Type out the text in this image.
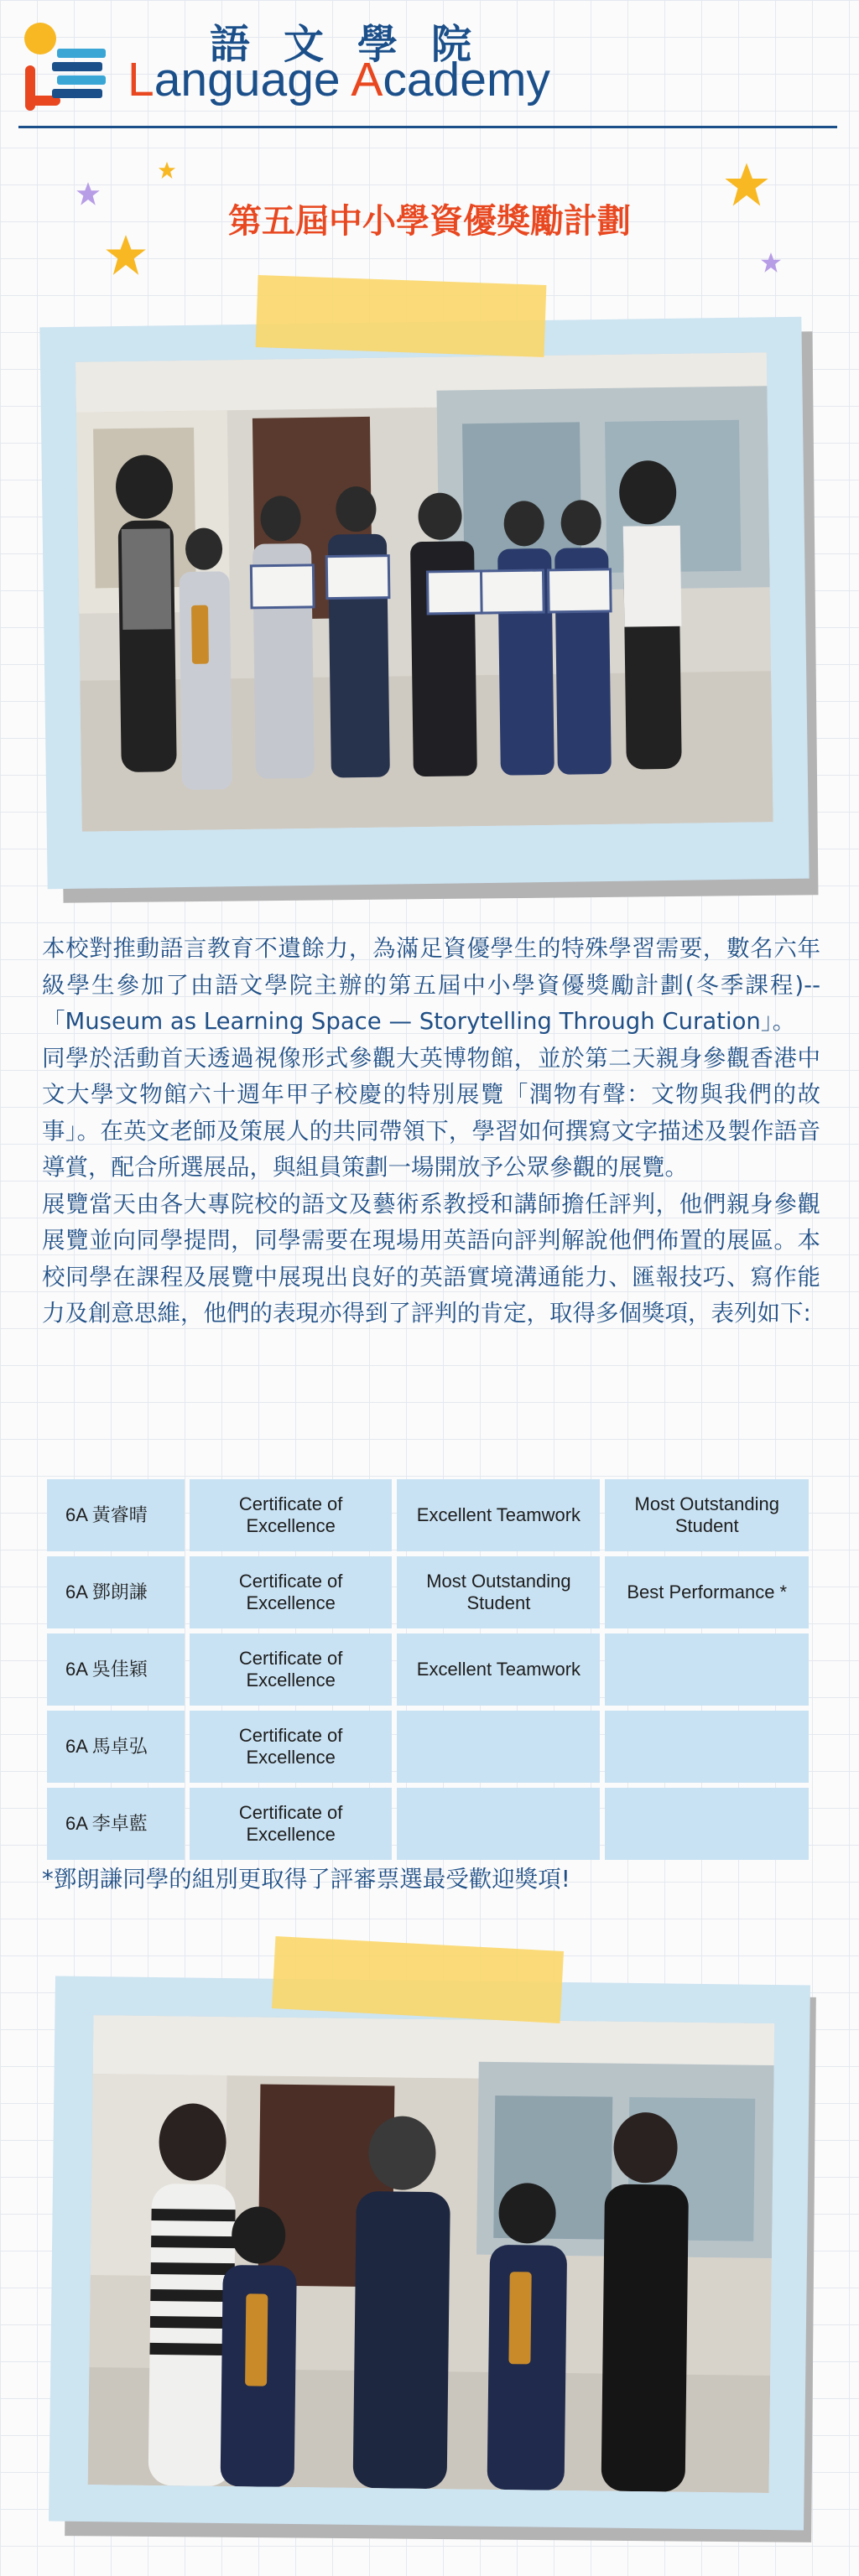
語文學院
Language Academy
第五屆中小學資優獎勵計劃

本校對推動語言教育不遺餘力，為滿足資優學生的特殊學習需要，數名六年級學生參加了由語文學院主辦的第五屆中小學資優獎勵計劃(冬季課程)--「Museum as Learning Space — Storytelling Through Curation」。

同學於活動首天透過視像形式參觀大英博物館，並於第二天親身參觀香港中文大學文物館六十週年甲子校慶的特別展覽「潤物有聲：文物與我們的故事」。在英文老師及策展人的共同帶領下，學習如何撰寫文字描述及製作語音導賞，配合所選展品，與組員策劃一場開放予公眾參觀的展覽。

展覽當天由各大專院校的語文及藝術系教授和講師擔任評判，他們親身參觀展覽並向同學提問，同學需要在現場用英語向評判解說他們佈置的展區。本校同學在課程及展覽中展現出良好的英語實境溝通能力、匯報技巧、寫作能力及創意思維，他們的表現亦得到了評判的肯定，取得多個獎項，表列如下:

6A 黃睿晴	Certificate of Excellence	Excellent Teamwork	Most Outstanding Student
6A 鄧朗謙	Certificate of Excellence	Most Outstanding Student	Best Performance *
6A 吳佳穎	Certificate of Excellence	Excellent Teamwork	
6A 馬卓弘	Certificate of Excellence		
6A 李卓藍	Certificate of Excellence		
*鄧朗謙同學的組別更取得了評審票選最受歡迎獎項!
